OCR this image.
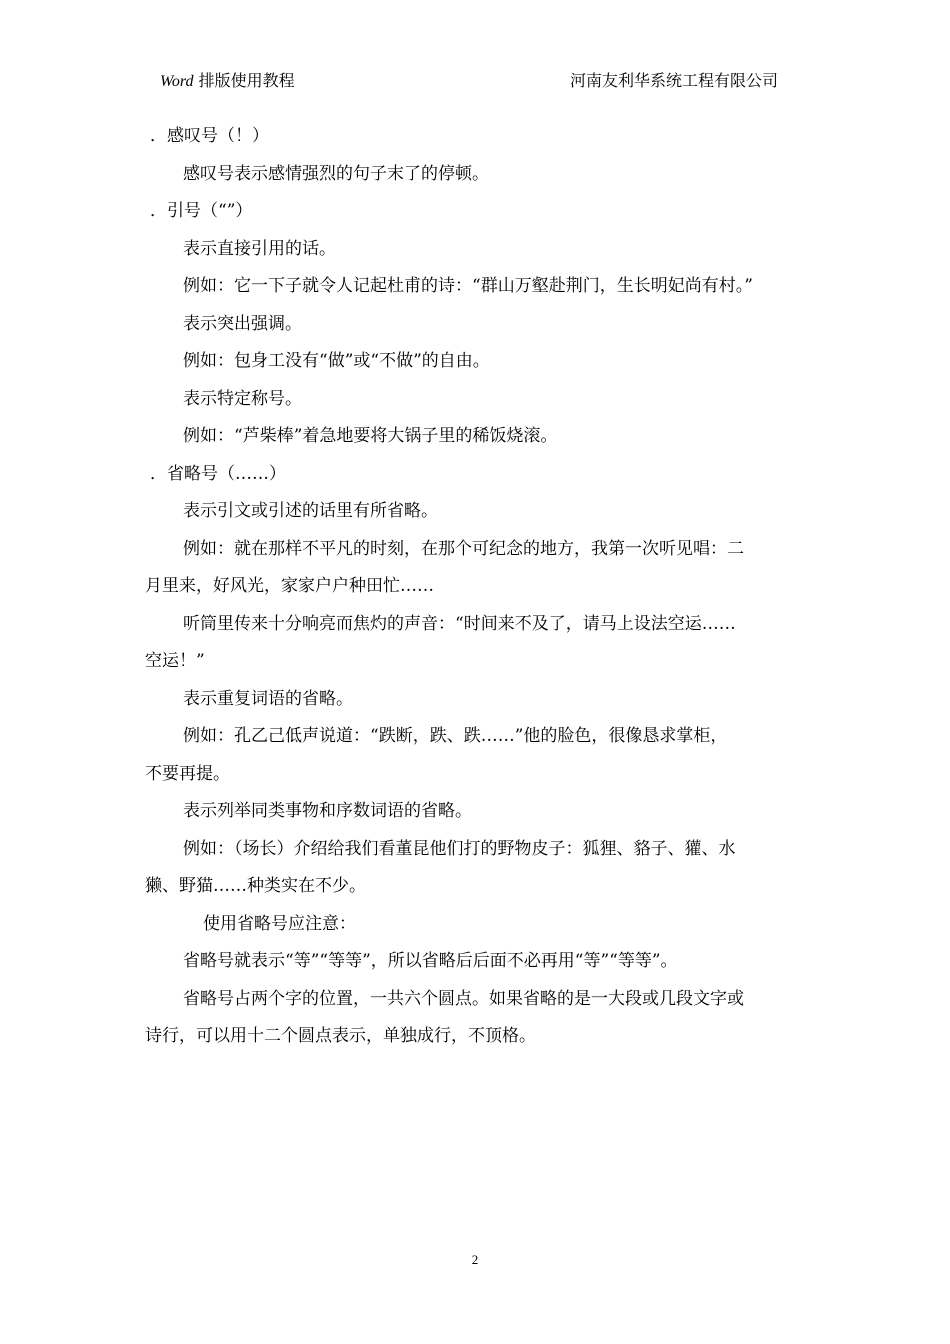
Word 排版使用教程	河南友利华系统工程有限公司
．感叹号（！）
感叹号表示感情强烈的句子末了的停顿。
．引号（“”）
表示直接引用的话。
例如：它一下子就令人记起杜甫的诗：“群山万壑赴荆门，生长明妃尚有村。”
表示突出强调。
例如：包身工没有“做”或“不做”的自由。
表示特定称号。
例如：“芦柴棒”着急地要将大锅子里的稀饭烧滚。
．省略号（……）
表示引文或引述的话里有所省略。
例如：就在那样不平凡的时刻，在那个可纪念的地方，我第一次听见唱：二
月里来，好风光，家家户户种田忙……
听筒里传来十分响亮而焦灼的声音：“时间来不及了，请马上设法空运……
空运！”
表示重复词语的省略。
例如：孔乙己低声说道：“跌断，跌、跌……”他的脸色，很像恳求掌柜，
不要再提。
表示列举同类事物和序数词语的省略。
例如：（场长）介绍给我们看董昆他们打的野物皮子：狐狸、貉子、獾、水
獭、野猫……种类实在不少。
使用省略号应注意：
省略号就表示“等”“等等”，所以省略后后面不必再用“等”“等等”。
省略号占两个字的位置，一共六个圆点。如果省略的是一大段或几段文字或
诗行，可以用十二个圆点表示，单独成行，不顶格。
2
